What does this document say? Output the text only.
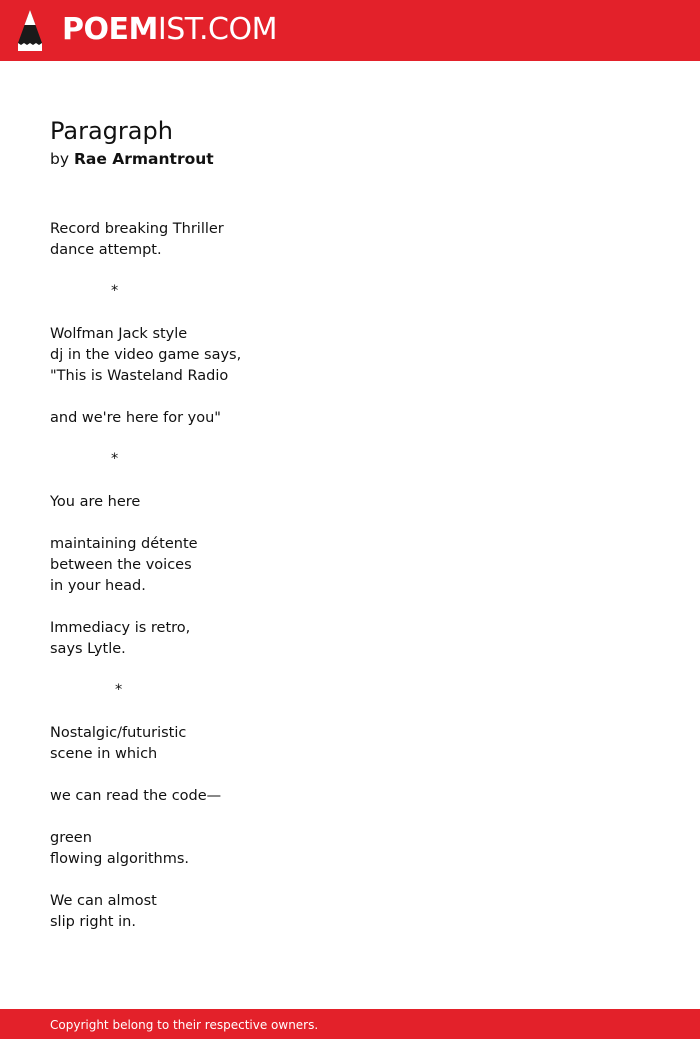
POEMIST.COM
Paragraph
by Rae Armantrout
Record breaking Thriller
dance attempt.
*
Wolfman Jack style
dj in the video game says,
"This is Wasteland Radio
and we're here for you"
*
You are here
maintaining détente
between the voices
in your head.
Immediacy is retro,
says Lytle.
*
Nostalgic/futuristic
scene in which
we can read the code—
green
flowing algorithms.
We can almost
slip right in.
Copyright belong to their respective owners.
